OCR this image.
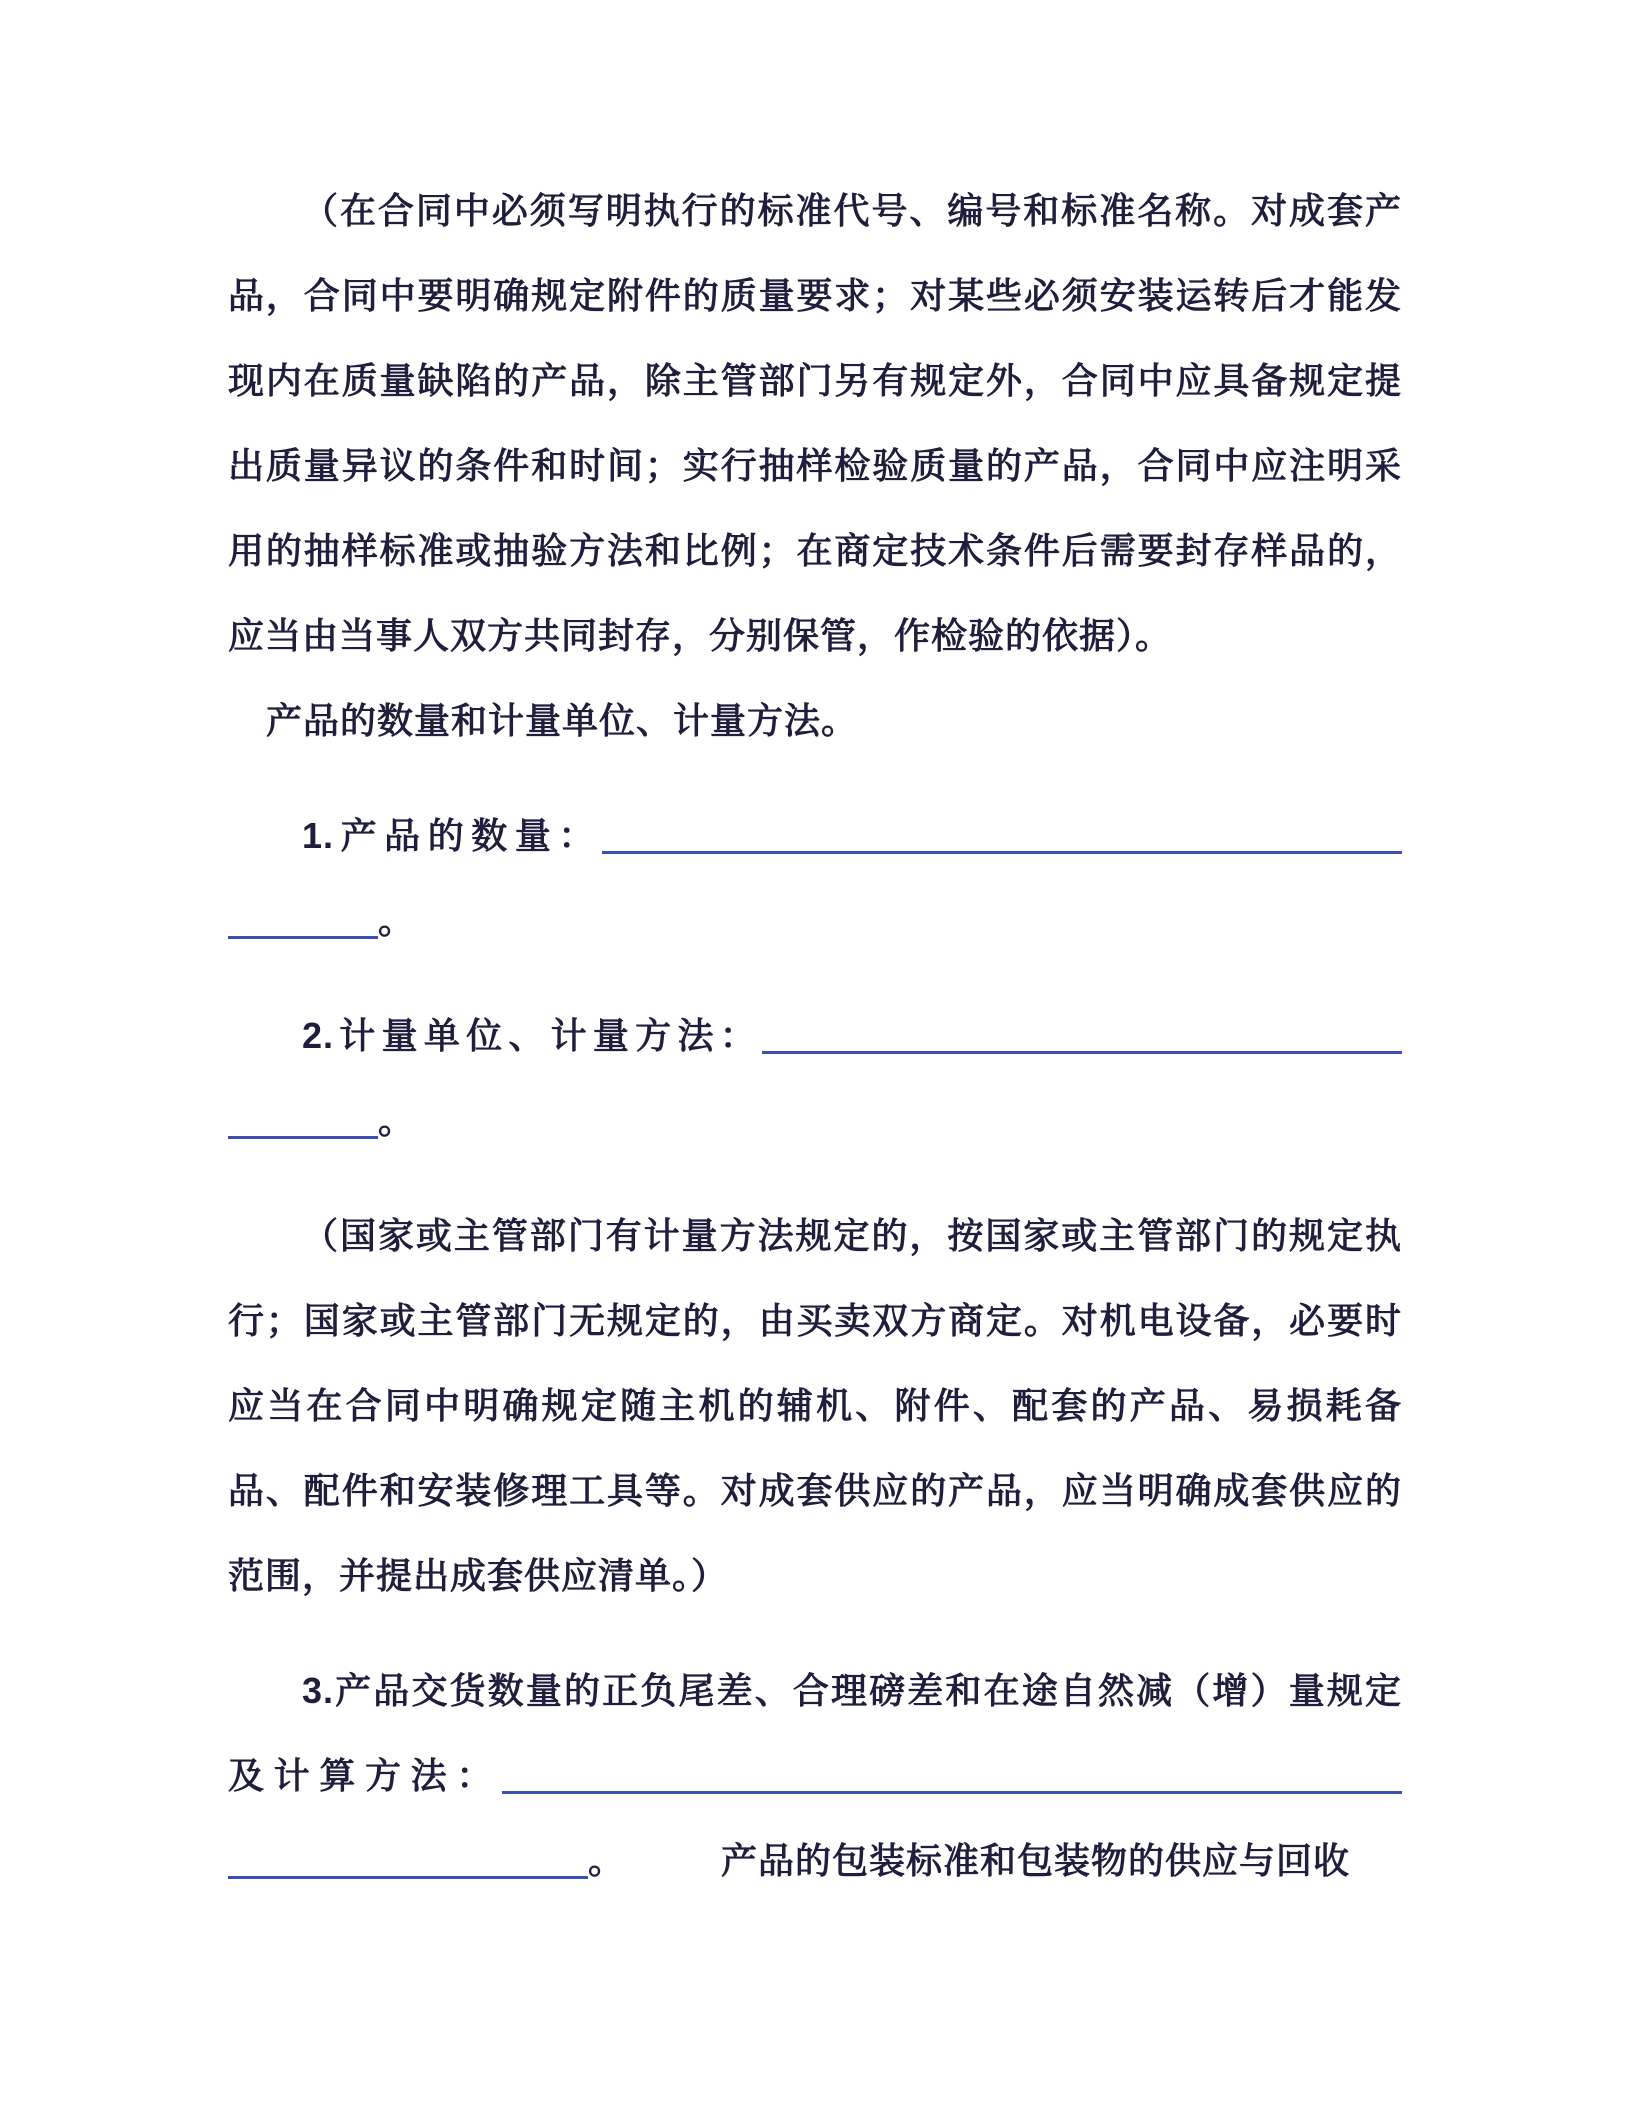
（在合同中必须写明执行的标准代号、编号和标准名称。对成套产品，合同中要明确规定附件的质量要求；对某些必须安装运转后才能发现内在质量缺陷的产品，除主管部门另有规定外，合同中应具备规定提出质量异议的条件和时间；实行抽样检验质量的产品，合同中应注明采用的抽样标准或抽验方法和比例；在商定技术条件后需要封存样品的，应当由当事人双方共同封存，分别保管，作检验的依据）。

产品的数量和计量单位、计量方法。

1.产品的数量：。

2.计量单位、计量方法：。

（国家或主管部门有计量方法规定的，按国家或主管部门的规定执行；国家或主管部门无规定的，由买卖双方商定。对机电设备，必要时应当在合同中明确规定随主机的辅机、附件、配套的产品、易损耗备品、配件和安装修理工具等。对成套供应的产品，应当明确成套供应的范围，并提出成套供应清单。）

3.产品交货数量的正负尾差、合理磅差和在途自然减（增）量规定及计算方法：。	产品的包装标准和包装物的供应与回收
